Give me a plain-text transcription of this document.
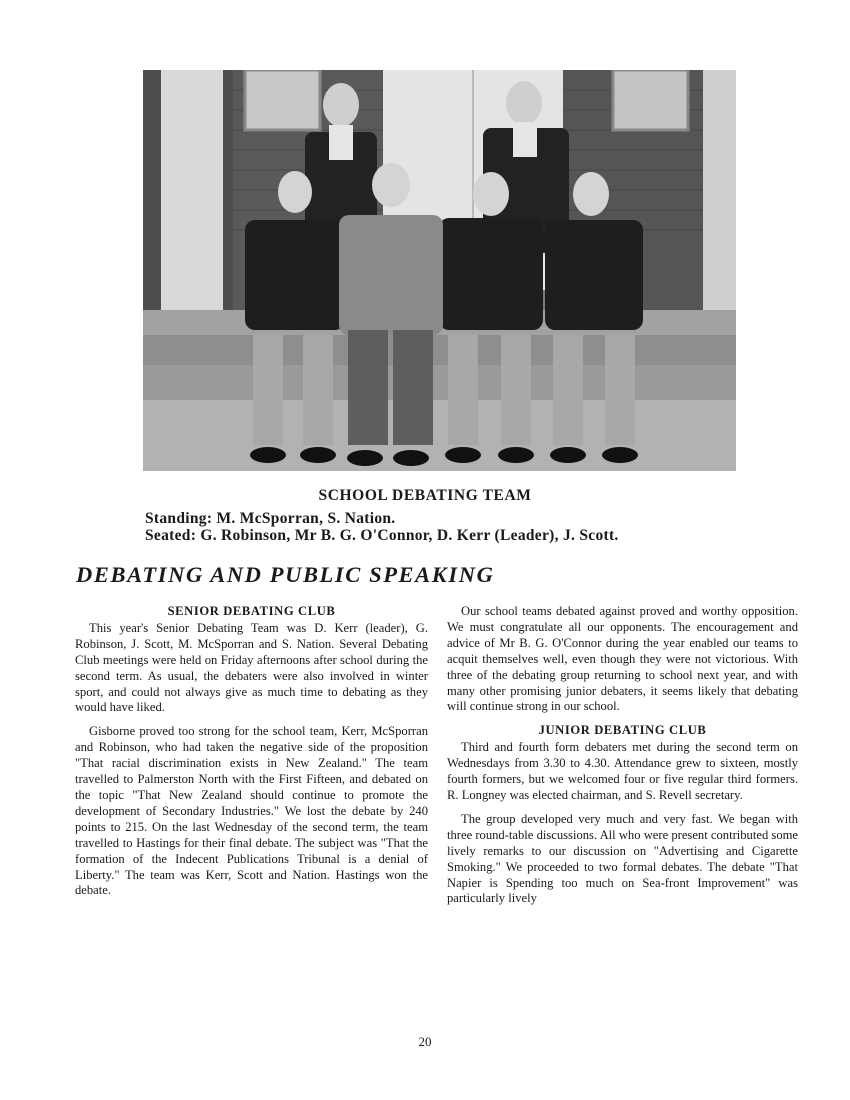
SCHOOL DEBATING TEAM
Standing: M. McSporran, S. Nation.
Seated: G. Robinson, Mr B. G. O'Connor, D. Kerr (Leader), J. Scott.
DEBATING AND PUBLIC SPEAKING
SENIOR DEBATING CLUB

This year's Senior Debating Team was D. Kerr (leader), G. Robinson, J. Scott, M. McSporran and S. Nation. Several Debating Club meetings were held on Friday afternoons after school during the second term. As usual, the debaters were also involved in winter sport, and could not always give as much time to debating as they would have liked.

Gisborne proved too strong for the school team, Kerr, McSporran and Robinson, who had taken the negative side of the proposition "That racial discrimination exists in New Zealand." The team travelled to Palmerston North with the First Fifteen, and debated on the topic "That New Zealand should continue to promote the development of Secondary Industries." We lost the debate by 240 points to 215. On the last Wednesday of the second term, the team travelled to Hastings for their final debate. The subject was "That the formation of the Indecent Publications Tribunal is a denial of Liberty." The team was Kerr, Scott and Nation. Hastings won the debate.

Our school teams debated against proved and worthy opposition. We must congratulate all our opponents. The encouragement and advice of Mr B. G. O'Connor during the year enabled our teams to acquit themselves well, even though they were not victorious. With three of the debating group returning to school next year, and with many other promising junior debaters, it seems likely that debating will continue strong in our school.

JUNIOR DEBATING CLUB

Third and fourth form debaters met during the second term on Wednesdays from 3.30 to 4.30. Attendance grew to sixteen, mostly fourth formers, but we welcomed four or five regular third formers. R. Longney was elected chairman, and S. Revell secretary.

The group developed very much and very fast. We began with three round-table discussions. All who were present contributed some lively remarks to our discussion on "Advertising and Cigarette Smoking." We proceeded to two formal debates. The debate "That Napier is Spending too much on Sea-front Improvement" was particularly lively

20
